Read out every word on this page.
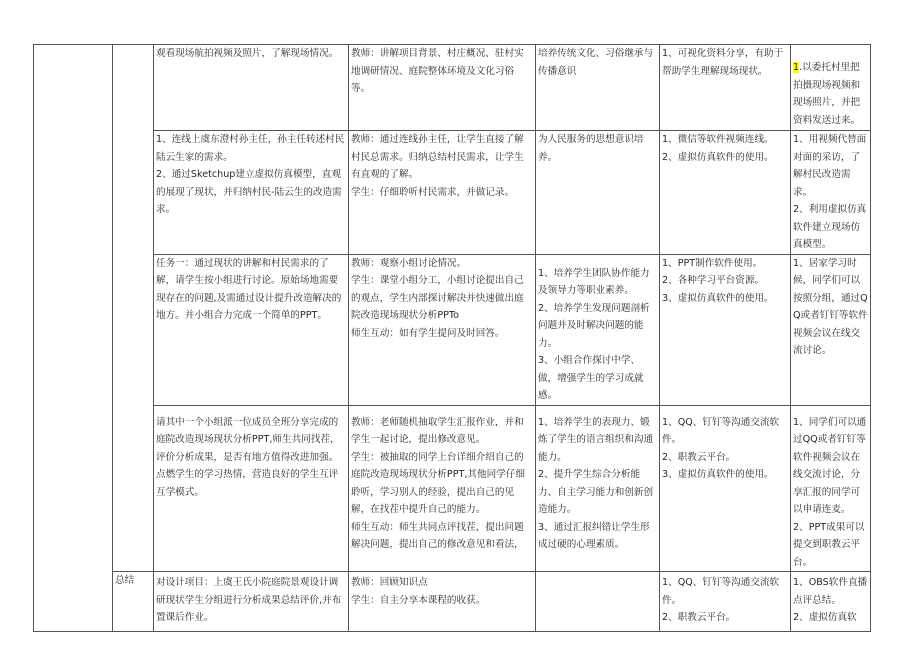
		观看现场航拍视频及照片，了解现场情况。	教师：讲解项目背景、村庄概况、驻村实地调研情况、庭院整体环境及文化习俗等。	培养传统文化、习俗继承与传播意识	1、可视化资料分享，有助于帮助学生理解现场现状。	1.以委托村里把拍摄现场视频和现场照片，并把资料发送过来。

		1、连线上虞东澄村孙主任，孙主任转述村民陆云生家的需求。
2、通过Sketchup建立虚拟仿真模型，直观的展现了现状，并归纳村民-陆云生的改造需求。	教师：通过连线孙主任，让学生直接了解村民总需求。归纳总结村民需求，让学生有直观的了解。
学生：仔细聆听村民需求，并做记录。	为人民服务的思想意识培养。	1、微信等软件视频连线。
2、虚拟仿真软件的使用。	1、用视频代替面对面的采访，了解村民改造需求。
2、利用虚拟仿真软件建立现场仿真模型。

		任务一：通过现状的讲解和村民需求的了解，请学生按小组进行讨论。原始场地需要现存在的问题,及需通过设计提升改造解决的地方。并小组合力完成一个简单的PPT。	教师：观察小组讨论情况。
学生：课堂小组分工，小组讨论提出自己的观点，学生内部探讨解决并快速做出庭院改造现场现状分析PPTo
师生互动：如有学生提问及时回答。	1、培养学生团队协作能力及领导力等职业素养。
2、培养学生发现问题剖析问题并及时解决问题的能力。
3、小组合作探讨中学、做，增强学生的学习成就感。	1、PPT制作软件使用。
2、各种学习平台资源。
3、虚拟仿真软件的使用。	1、居家学习时候，同学们可以按照分组，通过QQ或者钉钉等软件视频会议在线交流讨论。

		请其中一个小组派一位成员全班分享完成的庭院改造现场现状分析PPT,师生共同找茬，评价分析成果，是否有地方值得改进加强。点燃学生的学习热情，营造良好的学生互评互学模式。	教师：老师随机抽取学生汇报作业，并和学生一起讨论，提出修改意见。
学生：被抽取的同学上台详细介绍自己的庭院改造现场现状分析PPT,其他同学仔细聆听，学习别人的经验，提出自己的见解，在找茬中提升自己的能力。
师生互动：师生共同点评找茬，提出问题解决问题，提出自己的修改意见和看法，	1、培养学生的表现力、锻炼了学生的语言组织和沟通能力。
2、提升学生综合分析能力、自主学习能力和创新创造能力。
3、通过汇报纠错让学生形成过硬的心理素质。	1、QQ、钉钉等沟通交流软件。
2、职教云平台。
3、虚拟仿真软件的使用。	1、同学们可以通过QQ或者钉钉等软件视频会议在线交流讨论，分享汇报的同学可以申请连麦。
2、PPT成果可以提交到职教云平台。

	总结	对设计项目：上虞王氏小院庭院景观设计调研现状学生分组进行分析成果总结评价,并布置课后作业。	教师：回顾知识点
学生：自主分享本课程的收获。		1、QQ、钉钉等沟通交流软件。
2、职教云平台。	1、OBS软件直播点评总结。
2、虚拟仿真软
